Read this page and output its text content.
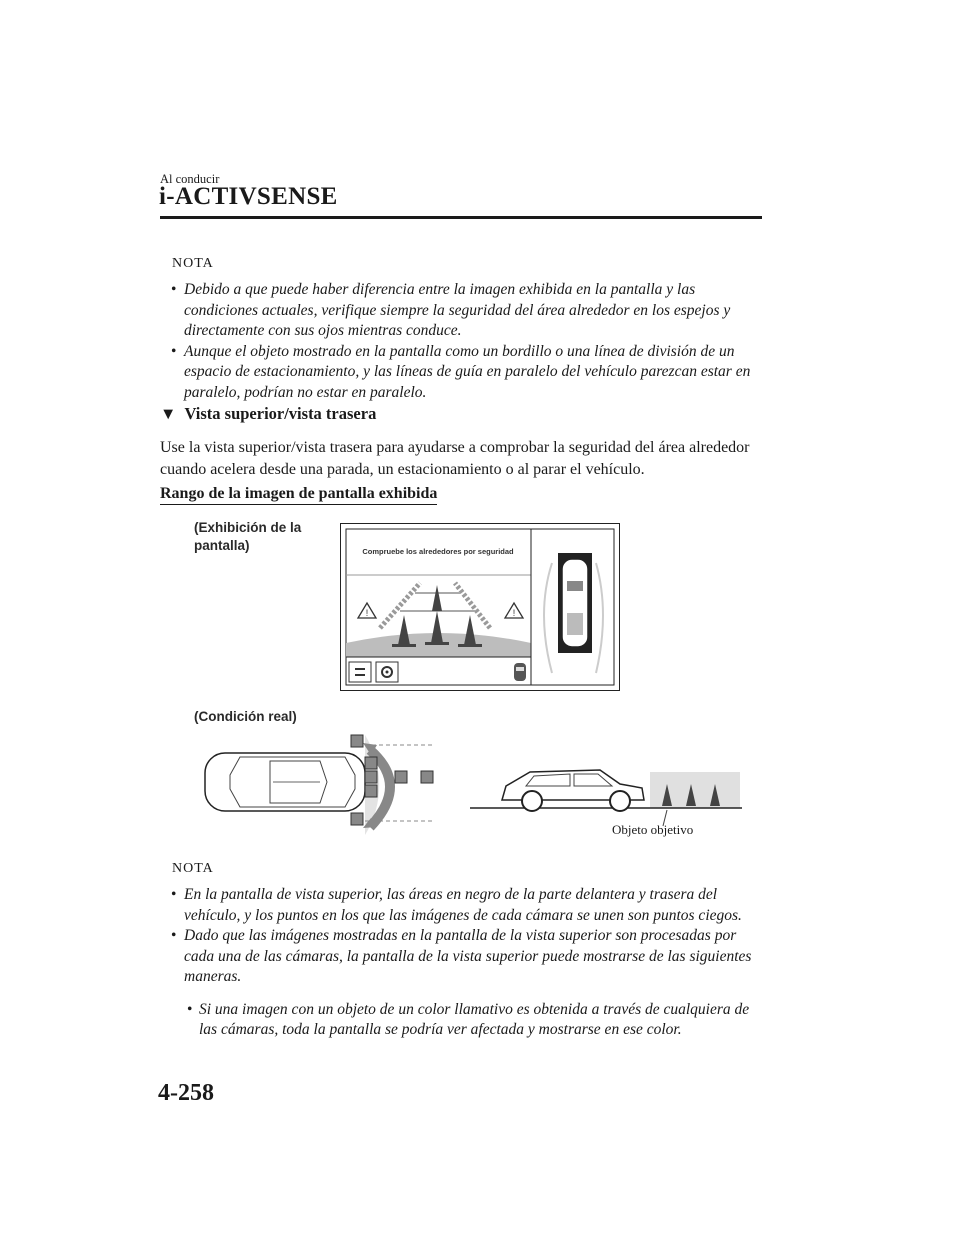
Al conducir
i-ACTIVSENSE
NOTA

• Debido a que puede haber diferencia entre la imagen exhibida en la pantalla y las condiciones actuales, verifique siempre la seguridad del área alrededor en los espejos y directamente con sus ojos mientras conduce.

• Aunque el objeto mostrado en la pantalla como un bordillo o una línea de división de un espacio de estacionamiento, y las líneas de guía en paralelo del vehículo parezcan estar en paralelo, podrían no estar en paralelo.

▼ Vista superior/vista trasera
Use la vista superior/vista trasera para ayudarse a comprobar la seguridad del área alrededor cuando acelera desde una parada, un estacionamiento o al parar el vehículo.
Rango de la imagen de pantalla exhibida
(Exhibición de la pantalla)	Compruebe los alrededores por seguridad
!	!
(Condición real)
Objeto objetivo
NOTA

• En la pantalla de vista superior, las áreas en negro de la parte delantera y trasera del vehículo, y los puntos en los que las imágenes de cada cámara se unen son puntos ciegos.

• Dado que las imágenes mostradas en la pantalla de la vista superior son procesadas por cada una de las cámaras, la pantalla de la vista superior puede mostrarse de las siguientes maneras.

• Si una imagen con un objeto de un color llamativo es obtenida a través de cualquiera de las cámaras, toda la pantalla se podría ver afectada y mostrarse en ese color.

4-258
